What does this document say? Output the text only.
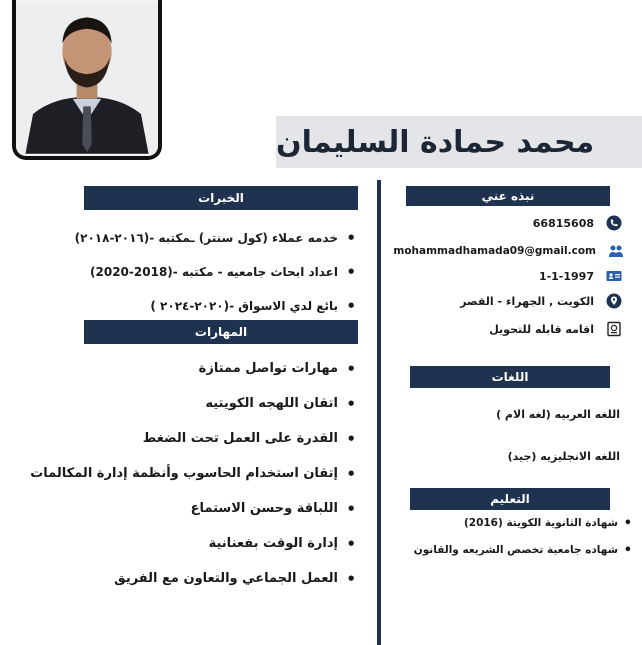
محمد حمادة السليمان
نبذه عني
66815608
mohammadhamada09@gmail.com
1-1-1997
الكويت , الجهراء - القصر
اقامه قابله للتحويل
اللغات
اللغه العربيه (لغه الام )
اللغه الانجليزيه (جيد)
التعليم
• شهادة الثانوية الكويتة (2016)
• شهاده جامعية تخصص الشريعه والقانون
الخبرات
• خدمه عملاء (كول سنتر) ـمكتبه -(٢٠١٦-٢٠١٨)
• اعداد ابحاث جامعيه - مكتبه -(2018-2020)
• بائع لدي الاسواق -(٢٠٢٠-٢٠٢٤ )
المهارات
• مهارات تواصل ممتازة
• اتقان اللهجه الكويتيه
• القدرة على العمل تحت الضغط
• إتقان استخدام الحاسوب وأنظمة إدارة المكالمات
• اللباقة وحسن الاستماع
• إدارة الوقت بفعنانية
• العمل الجماعي والتعاون مع الفريق
